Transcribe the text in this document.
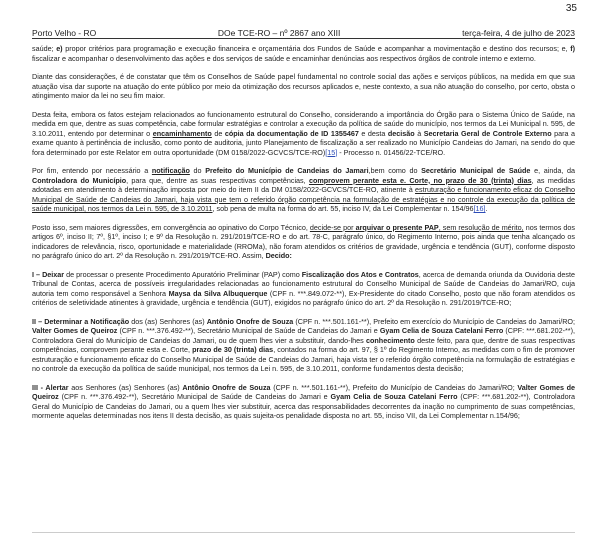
35
Porto Velho - RO	DOe TCE-RO – nº 2867 ano XIII	terça-feira, 4 de julho de 2023

saúde; e) propor critérios para programação e execução financeira e orçamentária dos Fundos de Saúde e acompanhar a movimentação e destino dos recursos; e, f) fiscalizar e acompanhar o desenvolvimento das ações e dos serviços de saúde e encaminhar denúncias aos respectivos órgãos de controle interno e externo.

Diante das considerações, é de constatar que têm os Conselhos de Saúde papel fundamental no controle social das ações e serviços públicos, na medida em que sua atuação visa dar suporte na atuação do ente público por meio da otimização dos recursos aplicados e, neste contexto, a sua não atuação do conselho, por certo, obsta o atingimento maior da lei no seu fim maior.

Desta feita, embora os fatos estejam relacionados ao funcionamento estrutural do Conselho, considerando a importância do Órgão para o Sistema Único de Saúde, na medida em que, dentre as suas competência, cabe formular estratégias e controlar a execução da política de saúde do município, nos termos da Lei Municipal n. 595, de 3.10.2011, entendo por determinar o encaminhamento de cópia da documentação de ID 1355467 e desta decisão à Secretaria Geral de Controle Externo para a exame quanto à pertinência de inclusão, como ponto de auditoria, junto Planejamento de fiscalização a ser realizado no Município Candeias do Jamari, na sendo do que fora determinado por este Relator em outra oportunidade (DM 0158/2022-GCVCS/TCE-RO)[15] - Processo n. 01456/22-TCE/RO.

Por fim, entendo por necessário a notificação do Prefeito do Município de Candeias do Jamari,bem como do Secretário Municipal de Saúde e, ainda, da Controladora do Município, para que, dentre as suas respectivas competências, comprovem perante esta e. Corte, no prazo de 30 (trinta) dias, as medidas adotadas em atendimento à determinação imposta por meio do item II da DM 0158/2022-GCVCS/TCE-RO, atinente à estruturação e funcionamento eficaz do Conselho Municipal de Saúde de Candeias do Jamari, haja vista que tem o referido órgão competência na formulação de estratégias e no controle da execução da política de saúde municipal, nos termos da Lei n. 595, de 3.10.2011, sob pena de multa na forma do art. 55, inciso IV, da Lei Complementar n. 154/96[16].

Posto isso, sem maiores digressões, em convergência ao opinativo do Corpo Técnico, decide-se por arquivar o presente PAP, sem resolução de mérito, nos termos dos artigos 6º, inciso II; 7º, §1º, inciso I; e 9º da Resolução n. 291/2019/TCE-RO e do art. 78-C, parágrafo único, do Regimento Interno, pois ainda que tenha alcançado os indicadores de relevância, risco, oportunidade e materialidade (RROMa), não foram atendidos os critérios de gravidade, urgência e tendência (GUT), conforme disposto no parágrafo único do art. 2º da Resolução n. 291/2019/TCE-RO. Assim, Decido:

I – Deixar de processar o presente Procedimento Apuratório Preliminar (PAP) como Fiscalização dos Atos e Contratos, acerca de demanda oriunda da Ouvidoria deste Tribunal de Contas, acerca de possíveis irregularidades relacionadas ao funcionamento estrutural do Conselho Municipal de Saúde de Candeias do Jamari/RO, cuja autoria tem como responsável a Senhora Maysa da Silva Albuquerque (CPF n. ***.849.072-**), Ex-Presidente do citado Conselho, posto que não foram atendidos os critérios de seletividade atinentes à gravidade, urgência e tendência (GUT), exigidos no parágrafo único do art. 2º da Resolução n. 291/2019/TCE-RO;

II – Determinar a Notificação dos (as) Senhores (as) Antônio Onofre de Souza (CPF n. ***.501.161-**), Prefeito em exercício do Município de Candeias do Jamari/RO; Valter Gomes de Queiroz (CPF n. ***.376.492-**), Secretário Municipal de Saúde de Candeias do Jamari e Gyam Celia de Souza Catelani Ferro (CPF: ***.681.202-**), Controladora Geral do Município de Candeias do Jamari, ou de quem lhes vier a substituir, dando-lhes conhecimento deste feito, para que, dentre de suas respectivas competências, comprovem perante esta e. Corte, prazo de 30 (trinta) dias, contados na forma do art. 97, § 1º do Regimento Interno, as medidas com o fim de promover estruturação e funcionamento eficaz do Conselho Municipal de Saúde de Candeias do Jamari, haja vista ter o referido órgão competência na formulação de estratégias e no controle da execução da política de saúde municipal, nos termos da Lei n. 595, de 3.10.2011, conforme fundamentos desta decisão;

III - Alertar aos Senhores (as) Senhores (as) Antônio Onofre de Souza (CPF n. ***.501.161-**), Prefeito do Município de Candeias do Jamari/RO; Valter Gomes de Queiroz (CPF n. ***.376.492-**), Secretário Municipal de Saúde de Candeias do Jamari e Gyam Celia de Souza Catelani Ferro (CPF: ***.681.202-**), Controladora Geral do Município de Candeias do Jamari, ou a quem lhes vier substituir, acerca das responsabilidades decorrentes da inação no cumprimento de suas competências, mormente aquelas determinadas nos itens II desta decisão, as quais sujeita-os penalidade disposta no art. 55, inciso VII, da Lei Complementar n.154/96;
